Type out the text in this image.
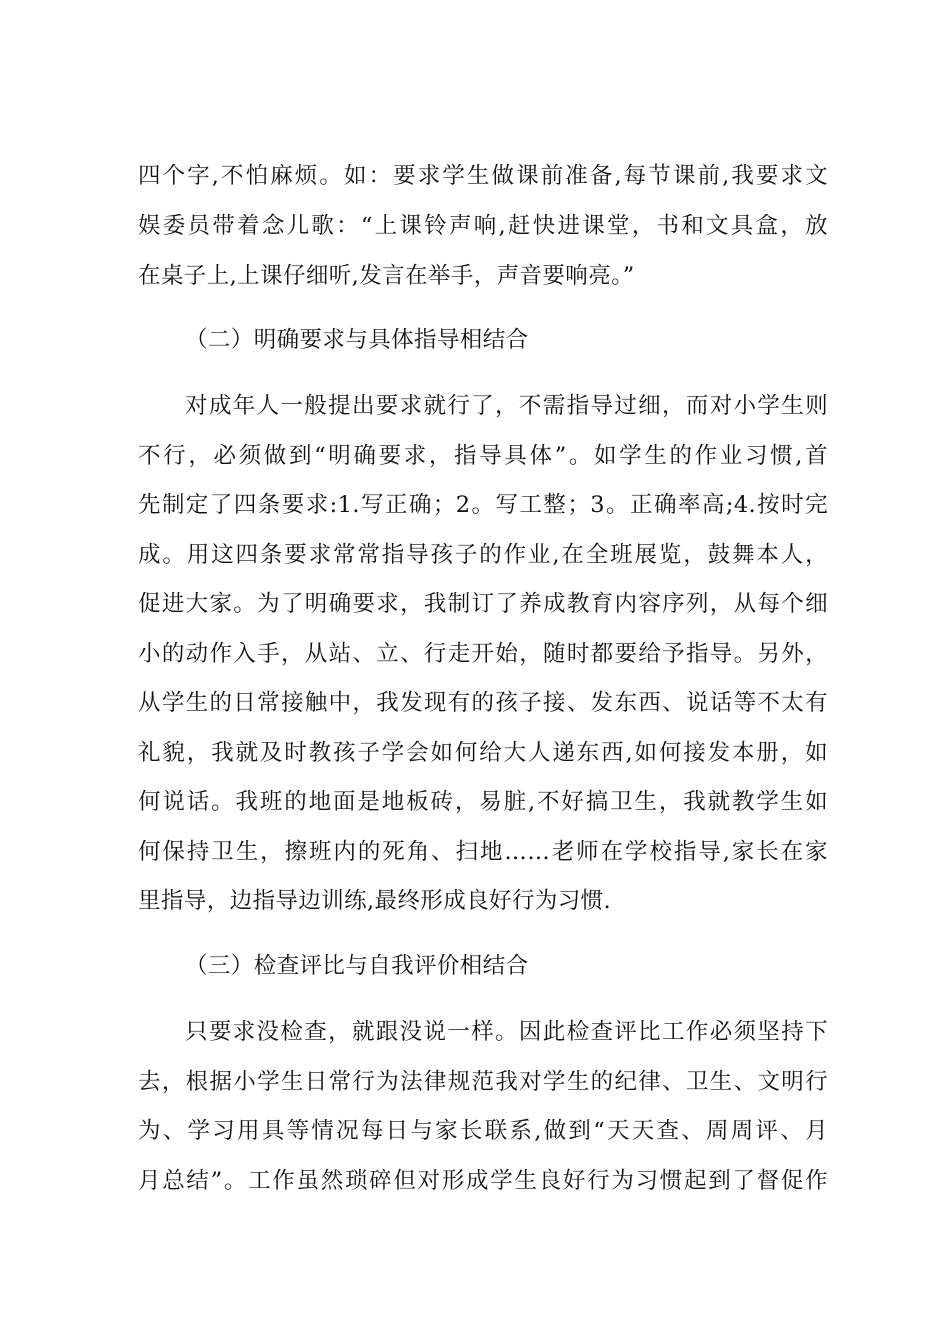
四个字,不怕麻烦。如：要求学生做课前准备,每节课前,我要求文
娱委员带着念儿歌：“上课铃声响,赶快进课堂，书和文具盒，放
在桌子上,上课仔细听,发言在举手，声音要响亮。”
（二）明确要求与具体指导相结合
对成年人一般提出要求就行了，不需指导过细，而对小学生则
不行，必须做到“明确要求，指导具体”。如学生的作业习惯,首
先制定了四条要求:1.写正确；2。写工整；3。正确率高;4.按时完
成。用这四条要求常常指导孩子的作业,在全班展览，鼓舞本人，
促进大家。为了明确要求，我制订了养成教育内容序列，从每个细
小的动作入手，从站、立、行走开始，随时都要给予指导。另外，
从学生的日常接触中，我发现有的孩子接、发东西、说话等不太有
礼貌，我就及时教孩子学会如何给大人递东西,如何接发本册，如
何说话。我班的地面是地板砖，易脏,不好搞卫生，我就教学生如
何保持卫生，擦班内的死角、扫地……老师在学校指导,家长在家
里指导，边指导边训练,最终形成良好行为习惯.
（三）检查评比与自我评价相结合
只要求没检查，就跟没说一样。因此检查评比工作必须坚持下
去，根据小学生日常行为法律规范我对学生的纪律、卫生、文明行
为、学习用具等情况每日与家长联系,做到“天天查、周周评、月
月总结”。工作虽然琐碎但对形成学生良好行为习惯起到了督促作
